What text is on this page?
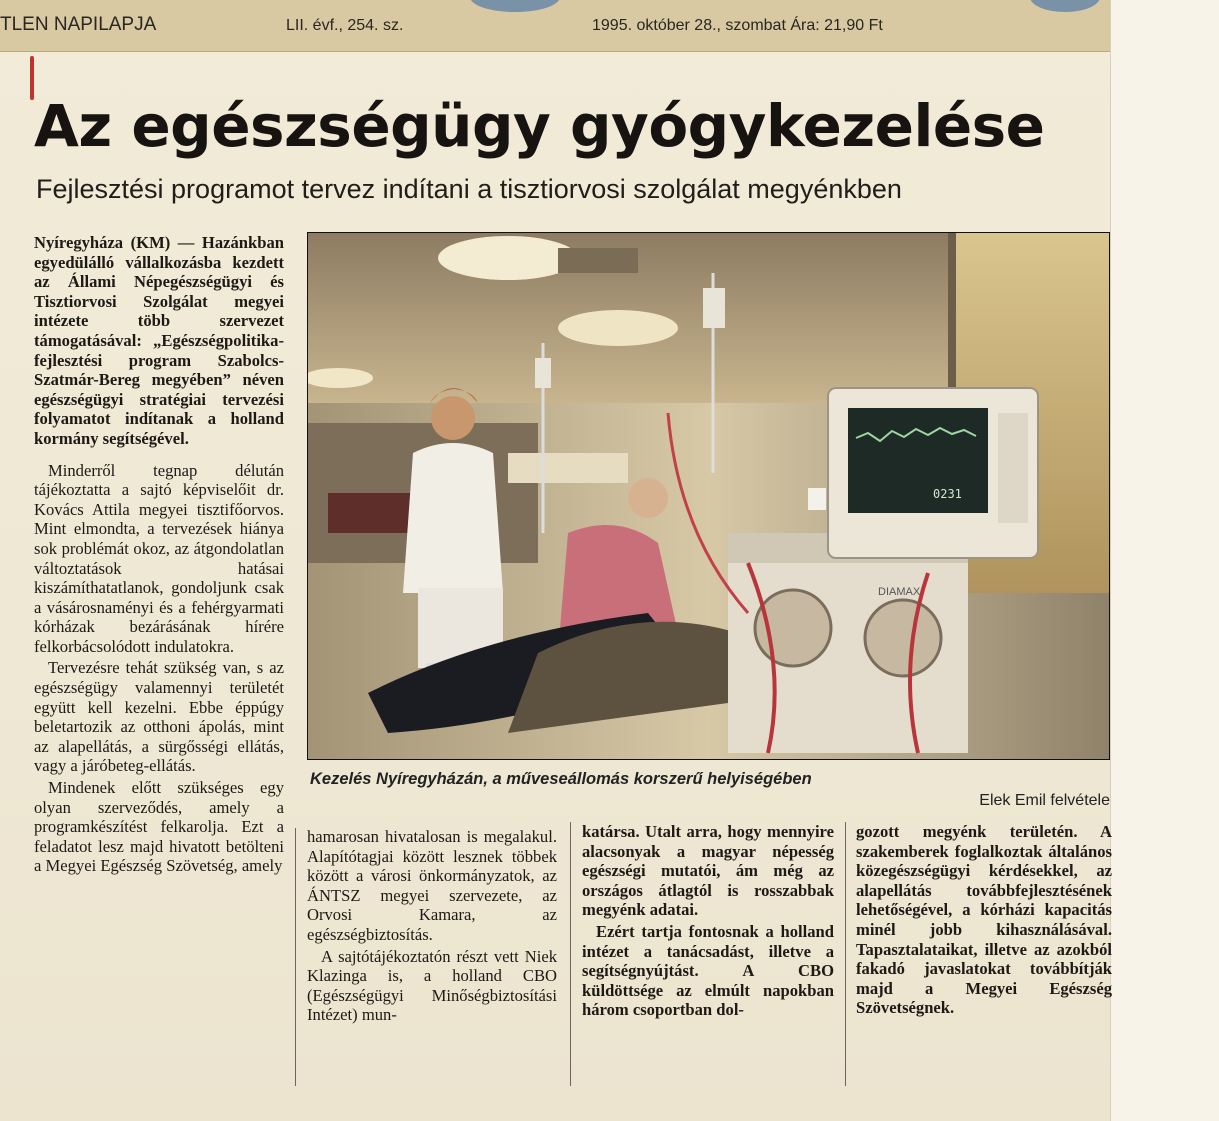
TLEN NAPILAPJA	LII. évf., 254. sz.	1995. október 28., szombat Ára: 21,90 Ft
Az egészségügy gyógykezelése
Fejlesztési programot tervez indítani a tisztiorvosi szolgálat megyénkben

Nyíregyháza (KM) — Hazánkban egyedülálló vállalkozásba kezdett az Állami Népegészségügyi és Tisztiorvosi Szolgálat megyei intézete több szervezet támogatásával: „Egészségpolitika-fejlesztési program Szabolcs-Szatmár-Bereg megyében” néven egészségügyi stratégiai tervezési folyamatot indítanak a holland kormány segítségével.

Minderről tegnap délután tájékoztatta a sajtó képviselőit dr. Kovács Attila megyei tisztifőorvos. Mint elmondta, a tervezések hiánya sok problémát okoz, az átgondolatlan változtatások hatásai kiszámíthatatlanok, gondoljunk csak a vásárosnaményi és a fehérgyarmati kórházak bezárásának hírére felkorbácsolódott indulatokra.

Tervezésre tehát szükség van, s az egészségügy valamennyi területét együtt kell kezelni. Ebbe éppúgy beletartozik az otthoni ápolás, mint az alapellátás, a sürgősségi ellátás, vagy a járóbeteg-ellátás.

Mindenek előtt szükséges egy olyan szerveződés, amely a programkészítést felkarolja. Ezt a feladatot lesz majd hivatott betölteni a Megyei Egészség Szövetség, amely

DIAMAX
0231
Kezelés Nyíregyházán, a műveseállomás korszerű helyiségében
Elek Emil felvétele

hamarosan hivatalosan is megalakul. Alapítótagjai között lesznek többek között a városi önkormányzatok, az ÁNTSZ megyei szervezete, az Orvosi Kamara, az egészségbiztosítás.

A sajtótájékoztatón részt vett Niek Klazinga is, a holland CBO (Egészségügyi Minőségbiztosítási Intézet) mun-

katársa. Utalt arra, hogy mennyire alacsonyak a magyar népesség egészségi mutatói, ám még az országos átlagtól is rosszabbak megyénk adatai.

Ezért tartja fontosnak a holland intézet a tanácsadást, illetve a segítségnyújtást. A CBO küldöttsége az elmúlt napokban három csoportban dol-

gozott megyénk területén. A szakemberek foglalkoztak általános közegészségügyi kérdésekkel, az alapellátás továbbfejlesztésének lehetőségével, a kórházi kapacitás minél jobb kihasználásával. Tapasztalataikat, illetve az azokból fakadó javaslatokat továbbítják majd a Megyei Egészség Szövetségnek.
